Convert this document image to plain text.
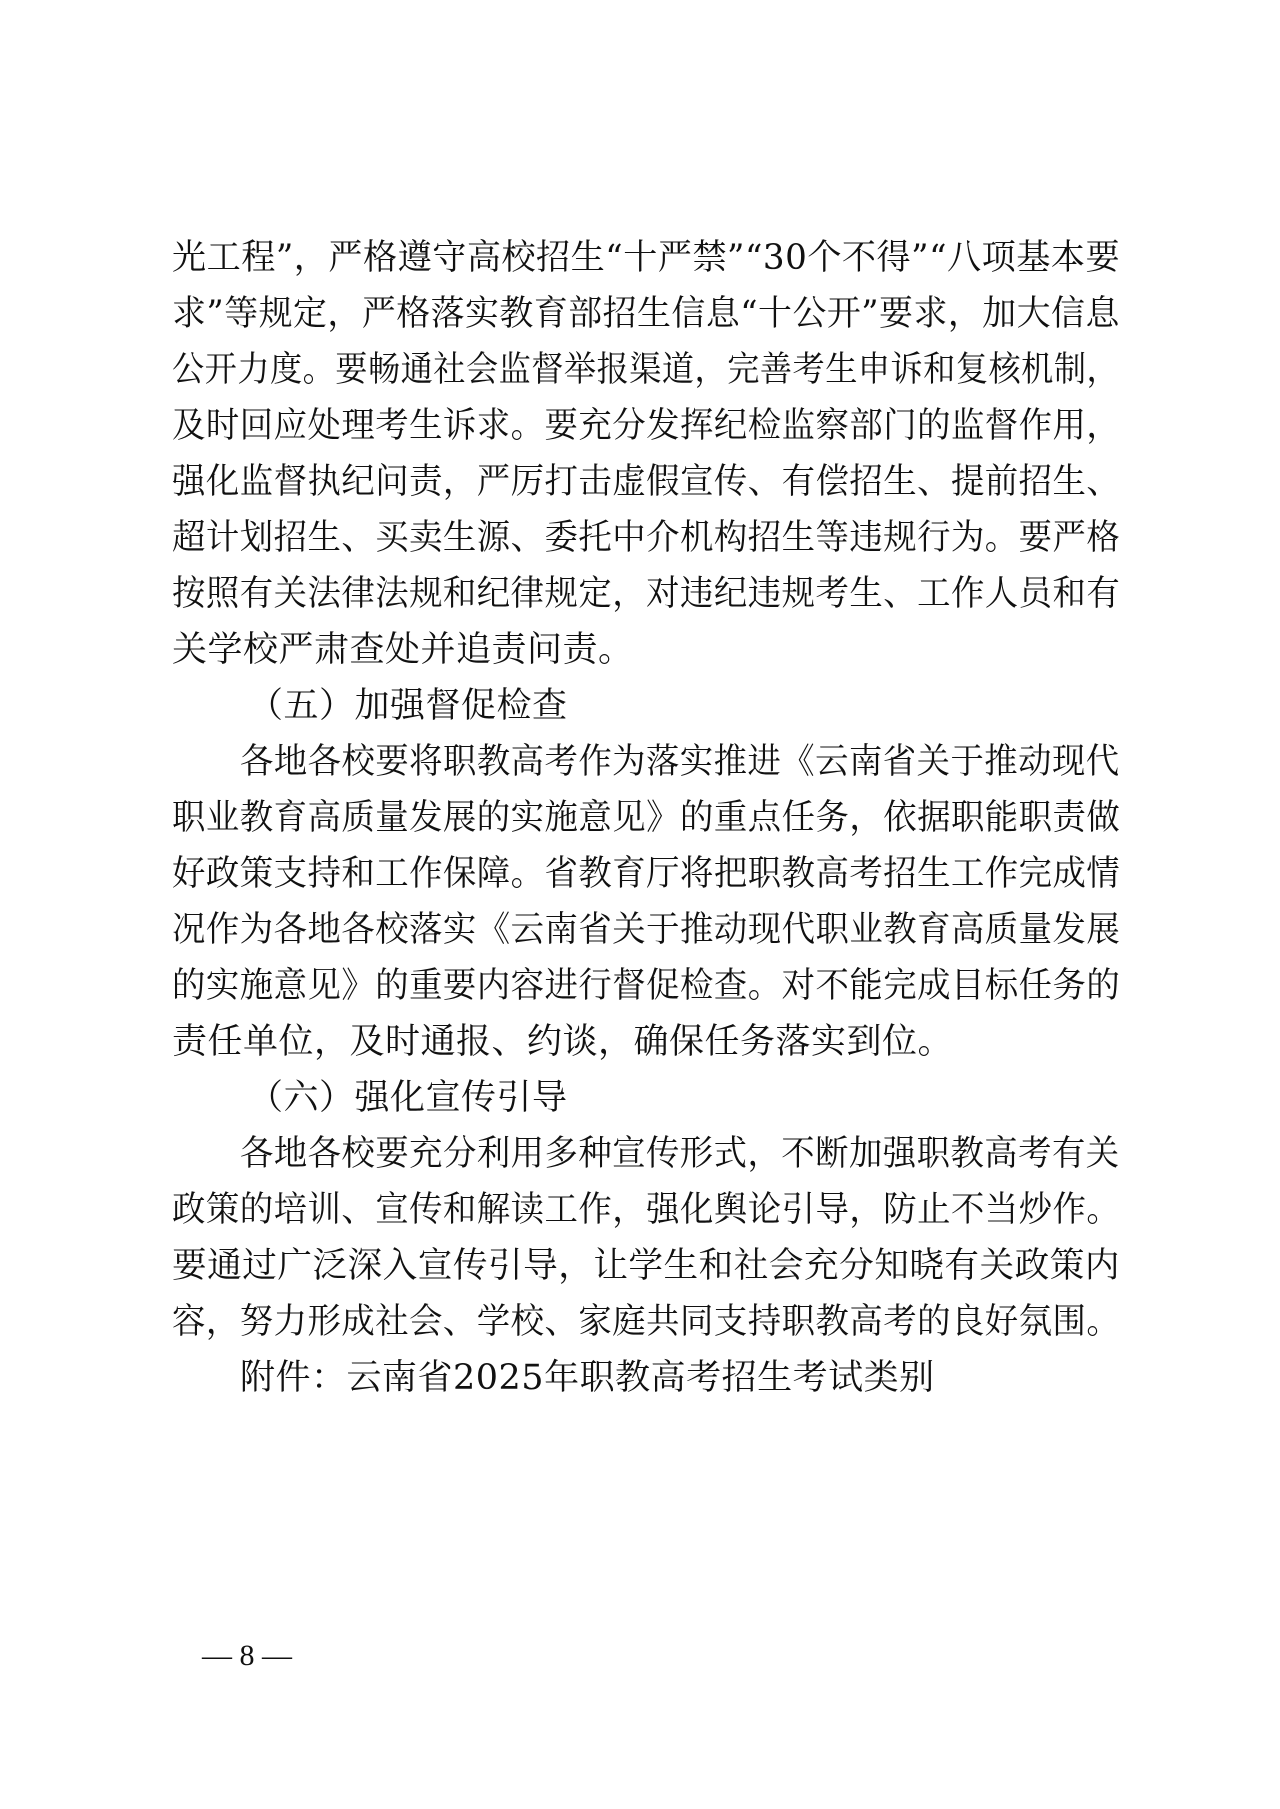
光工程”，严格遵守高校招生“十严禁”“30个不得”“八项基本要
求”等规定，严格落实教育部招生信息“十公开”要求，加大信息
公开力度。要畅通社会监督举报渠道，完善考生申诉和复核机制，
及时回应处理考生诉求。要充分发挥纪检监察部门的监督作用，
强化监督执纪问责，严厉打击虚假宣传、有偿招生、提前招生、
超计划招生、买卖生源、委托中介机构招生等违规行为。要严格
按照有关法律法规和纪律规定，对违纪违规考生、工作人员和有
关学校严肃查处并追责问责。
（五）加强督促检查
各地各校要将职教高考作为落实推进《云南省关于推动现代
职业教育高质量发展的实施意见》的重点任务，依据职能职责做
好政策支持和工作保障。省教育厅将把职教高考招生工作完成情
况作为各地各校落实《云南省关于推动现代职业教育高质量发展
的实施意见》的重要内容进行督促检查。对不能完成目标任务的
责任单位，及时通报、约谈，确保任务落实到位。
（六）强化宣传引导
各地各校要充分利用多种宣传形式，不断加强职教高考有关
政策的培训、宣传和解读工作，强化舆论引导，防止不当炒作。
要通过广泛深入宣传引导，让学生和社会充分知晓有关政策内
容，努力形成社会、学校、家庭共同支持职教高考的良好氛围。
附件：云南省2025年职教高考招生考试类别
— 8 —
